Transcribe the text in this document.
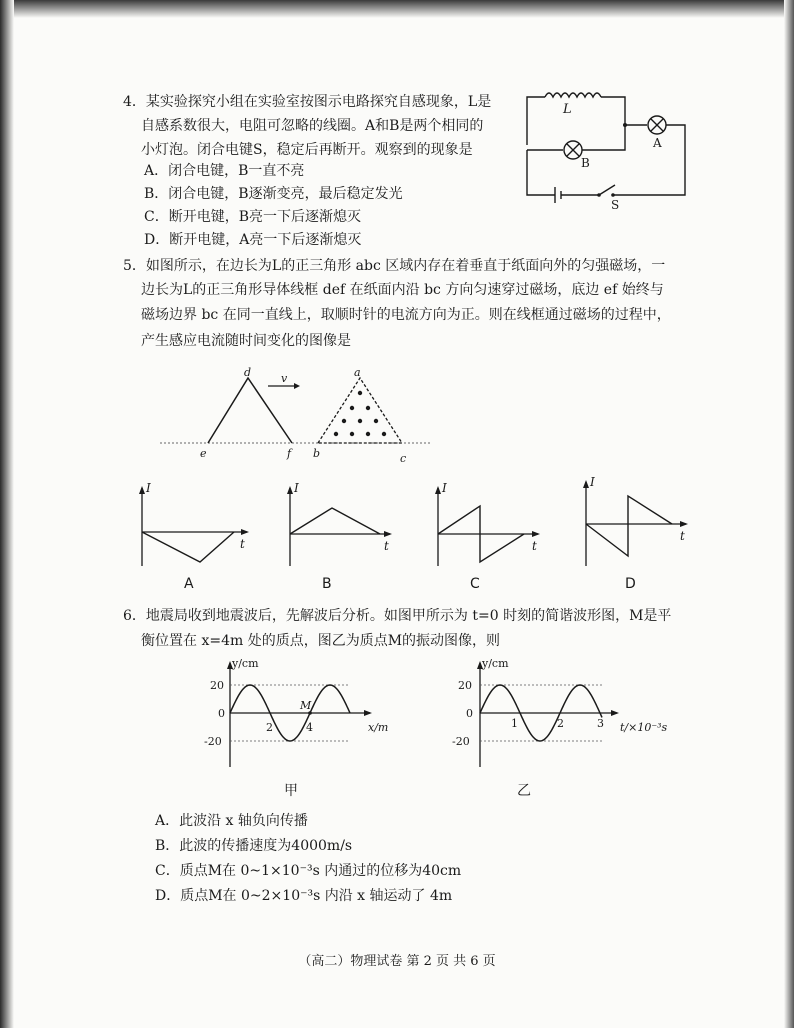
4．某实验探究小组在实验室按图示电路探究自感现象，L是
自感系数很大，电阻可忽略的线圈。A和B是两个相同的
小灯泡。闭合电键S，稳定后再断开。观察到的现象是
A．闭合电键，B一直不亮
B．闭合电键，B逐渐变亮，最后稳定发光
C．断开电键，B亮一下后逐渐熄灭
D．断开电键，A亮一下后逐渐熄灭
L
A
B
S
5．如图所示，在边长为L的正三角形 abc 区域内存在着垂直于纸面向外的匀强磁场，一
边长为L的正三角形导体线框 def 在纸面内沿 bc 方向匀速穿过磁场，底边 ef 始终与
磁场边界 bc 在同一直线上，取顺时针的电流方向为正。则在线框通过磁场的过程中，
产生感应电流随时间变化的图像是
d
e	f
v	a
b	c
I
t
I
t
I
t
I
t
A	B	C	D
6．地震局收到地震波后，先解波后分析。如图甲所示为 t=0 时刻的简谐波形图，M是平
衡位置在 x=4m 处的质点，图乙为质点M的振动图像，则
y/cm
20
0
-20
2	4
M
x/m
甲
y/cm
20
0
-20
1	2	3 t/×10⁻³s
乙
A．此波沿 x 轴负向传播
B．此波的传播速度为4000m/s
C．质点M在 0~1×10⁻³s 内通过的位移为40cm
D．质点M在 0~2×10⁻³s 内沿 x 轴运动了 4m
（高二）物理试卷 第 2 页 共 6 页
